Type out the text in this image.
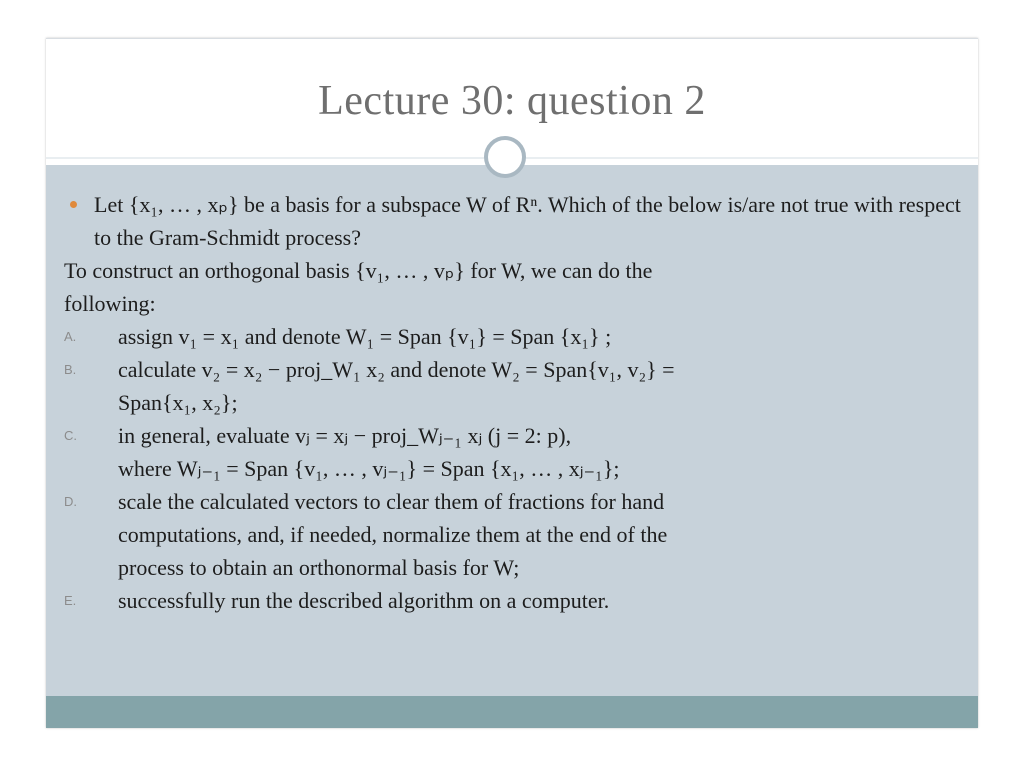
Lecture 30: question 2

Let {x₁, … , xₚ} be a basis for a subspace W of Rⁿ. Which of the below is/are not true with respect to the Gram-Schmidt process?

To construct an orthogonal basis {v₁, … , vₚ} for W, we can do the

following:

A. assign v₁ = x₁ and denote W₁ = Span {v₁} = Span {x₁} ;

B. calculate v₂ = x₂ − proj_W₁ x₂ and denote W₂ = Span{v₁, v₂} =

Span{x₁, x₂};

C. in general, evaluate vⱼ = xⱼ − proj_Wⱼ₋₁ xⱼ (j = 2: p),

where Wⱼ₋₁ = Span {v₁, … , vⱼ₋₁} = Span {x₁, … , xⱼ₋₁};

D. scale the calculated vectors to clear them of fractions for hand

computations, and, if needed, normalize them at the end of the

process to obtain an orthonormal basis for W;

E. successfully run the described algorithm on a computer.
